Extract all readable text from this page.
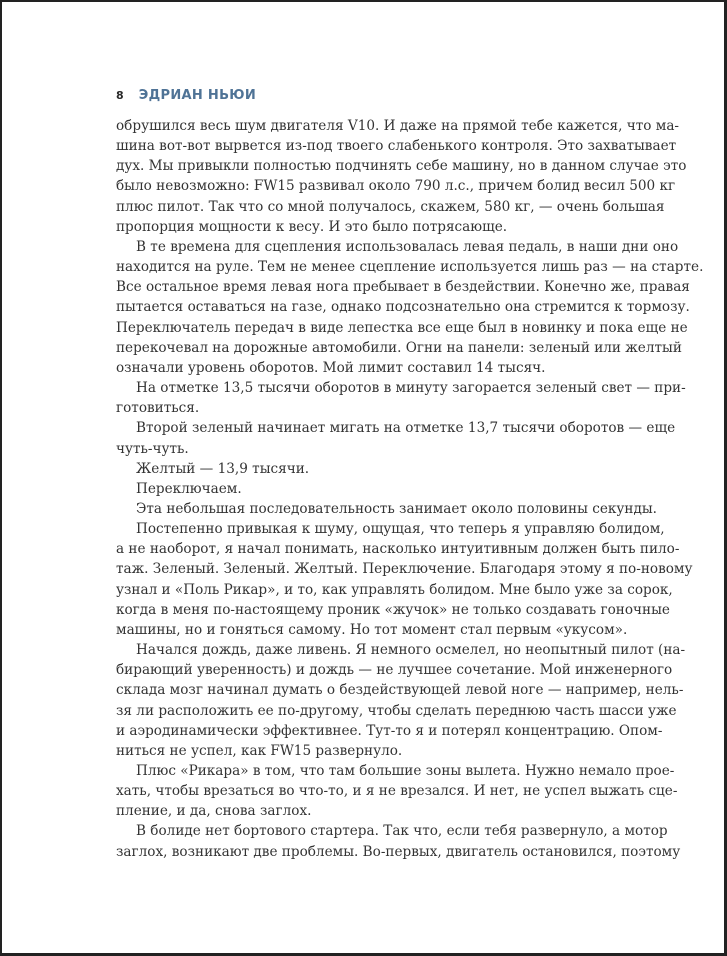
8 ЭДРИАН НЬЮИ

обрушился весь шум двигателя V10. И даже на прямой тебе кажется, что ма-
шина вот-вот вырвется из-под твоего слабенького контроля. Это захватывает
дух. Мы привыкли полностью подчинять себе машину, но в данном случае это
было невозможно: FW15 развивал около 790 л.с., причем болид весил 500 кг
плюс пилот. Так что со мной получалось, скажем, 580 кг, — очень большая
пропорция мощности к весу. И это было потрясающе.

В те времена для сцепления использовалась левая педаль, в наши дни оно
находится на руле. Тем не менее сцепление используется лишь раз — на старте.
Все остальное время левая нога пребывает в бездействии. Конечно же, правая
пытается оставаться на газе, однако подсознательно она стремится к тормозу.
Переключатель передач в виде лепестка все еще был в новинку и пока еще не
перекочевал на дорожные автомобили. Огни на панели: зеленый или желтый
означали уровень оборотов. Мой лимит составил 14 тысяч.

На отметке 13,5 тысячи оборотов в минуту загорается зеленый свет — при-
готовиться.

Второй зеленый начинает мигать на отметке 13,7 тысячи оборотов — еще
чуть-чуть.

Желтый — 13,9 тысячи.

Переключаем.

Эта небольшая последовательность занимает около половины секунды.

Постепенно привыкая к шуму, ощущая, что теперь я управляю болидом,
а не наоборот, я начал понимать, насколько интуитивным должен быть пило-
таж. Зеленый. Зеленый. Желтый. Переключение. Благодаря этому я по-новому
узнал и «Поль Рикар», и то, как управлять болидом. Мне было уже за сорок,
когда в меня по-настоящему проник «жучок» не только создавать гоночные
машины, но и гоняться самому. Но тот момент стал первым «укусом».

Начался дождь, даже ливень. Я немного осмелел, но неопытный пилот (на-
бирающий уверенность) и дождь — не лучшее сочетание. Мой инженерного
склада мозг начинал думать о бездействующей левой ноге — например, нель-
зя ли расположить ее по-другому, чтобы сделать переднюю часть шасси уже
и аэродинамически эффективнее. Тут-то я и потерял концентрацию. Опом-
ниться не успел, как FW15 развернуло.

Плюс «Рикара» в том, что там большие зоны вылета. Нужно немало прое-
хать, чтобы врезаться во что-то, и я не врезался. И нет, не успел выжать сце-
пление, и да, снова заглох.

В болиде нет бортового стартера. Так что, если тебя развернуло, а мотор
заглох, возникают две проблемы. Во-первых, двигатель остановился, поэтому
